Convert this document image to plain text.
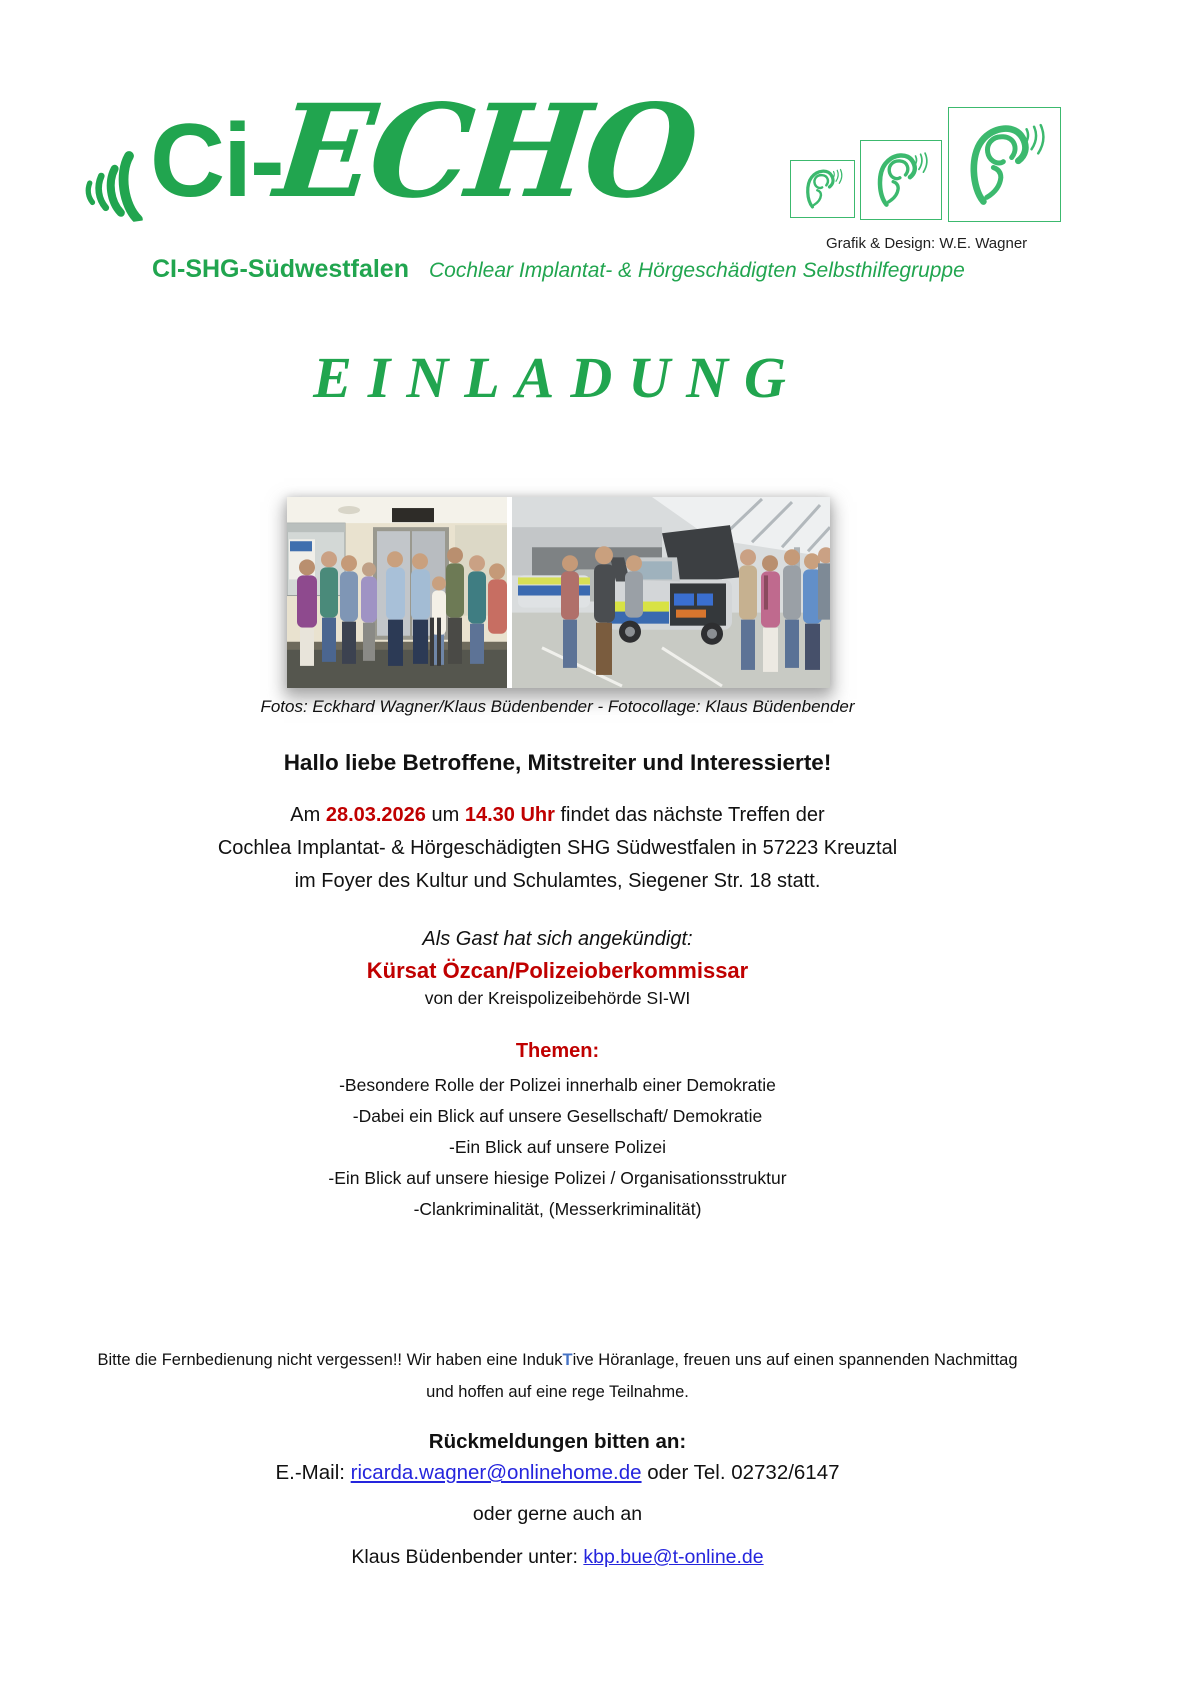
Ci-
ECHO
Grafik & Design: W.E. Wagner
CI-SHG-Südwestfalen Cochlear Implantat- & Hörgeschädigten Selbsthilfegruppe
EINLADUNG
Fotos: Eckhard Wagner/Klaus Büdenbender - Fotocollage: Klaus Büdenbender
Hallo liebe Betroffene, Mitstreiter und Interessierte!
Am 28.03.2026 um 14.30 Uhr findet das nächste Treffen der
Cochlea Implantat- & Hörgeschädigten SHG Südwestfalen in 57223 Kreuztal
im Foyer des Kultur und Schulamtes, Siegener Str. 18 statt.
Als Gast hat sich angekündigt:
Kürsat Özcan/Polizeioberkommissar
von der Kreispolizeibehörde SI-WI
Themen:
-Besondere Rolle der Polizei innerhalb einer Demokratie
-Dabei ein Blick auf unsere Gesellschaft/ Demokratie
-Ein Blick auf unsere Polizei
-Ein Blick auf unsere hiesige Polizei / Organisationsstruktur
-Clankriminalität, (Messerkriminalität)
Bitte die Fernbedienung nicht vergessen!! Wir haben eine IndukTive Höranlage, freuen uns auf einen spannenden Nachmittag
und hoffen auf eine rege Teilnahme.
Rückmeldungen bitten an:
E.-Mail: ricarda.wagner@onlinehome.de oder Tel. 02732/6147
oder gerne auch an
Klaus Büdenbender unter: kbp.bue@t-online.de
